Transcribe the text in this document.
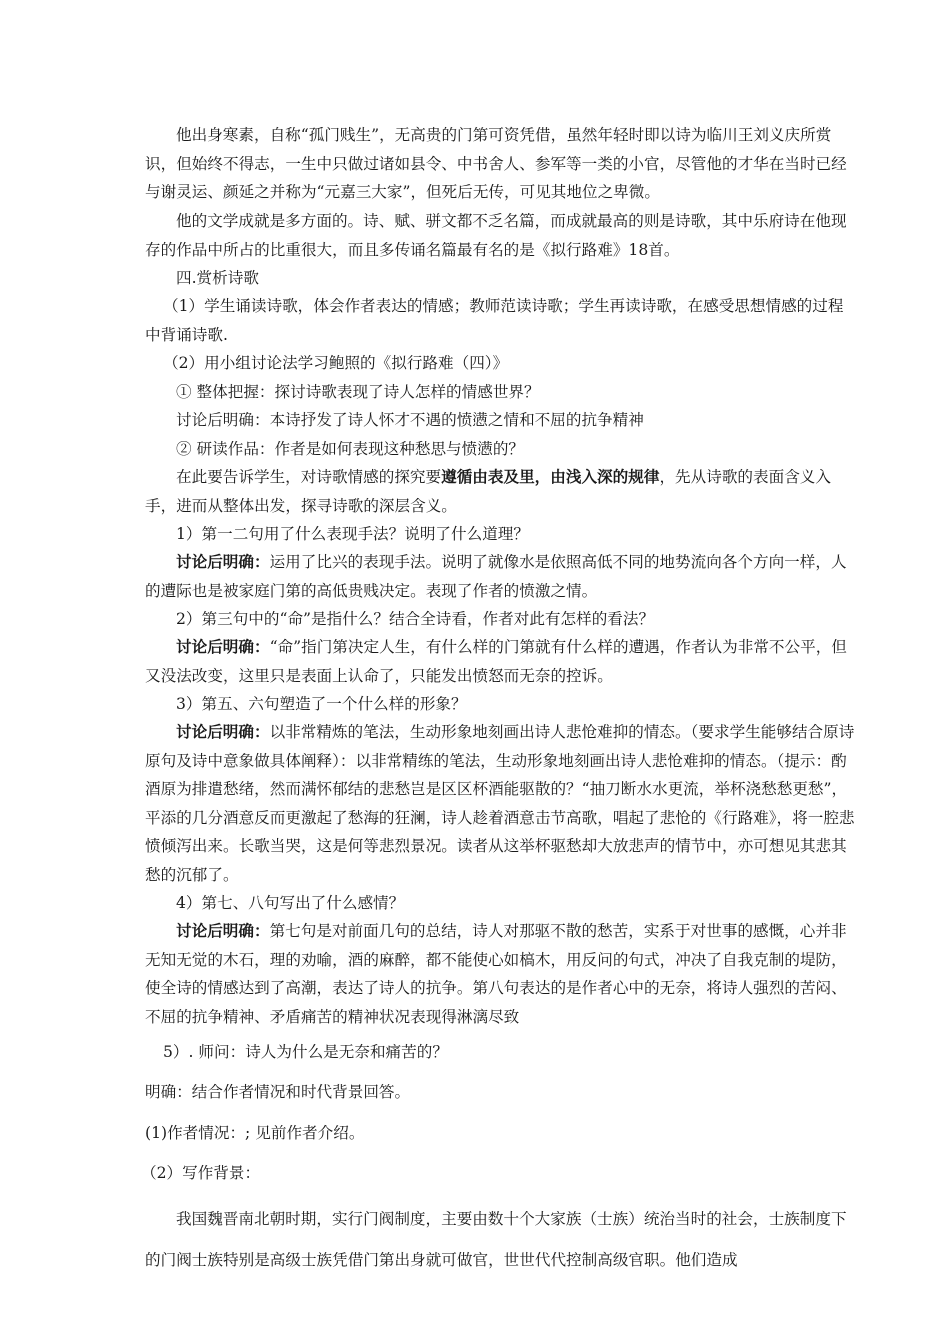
他出身寒素，自称“孤门贱生”，无高贵的门第可资凭借，虽然年轻时即以诗为临川王刘义庆所赏识，但始终不得志，一生中只做过诸如县令、中书舍人、参军等一类的小官，尽管他的才华在当时已经与谢灵运、颜延之并称为“元嘉三大家”，但死后无传，可见其地位之卑微。

他的文学成就是多方面的。诗、赋、骈文都不乏名篇，而成就最高的则是诗歌，其中乐府诗在他现存的作品中所占的比重很大，而且多传诵名篇最有名的是《拟行路难》18首。

四.赏析诗歌

（1）学生诵读诗歌，体会作者表达的情感；教师范读诗歌；学生再读诗歌，在感受思想情感的过程中背诵诗歌.

（2）用小组讨论法学习鲍照的《拟行路难（四）》

① 整体把握：探讨诗歌表现了诗人怎样的情感世界？

讨论后明确：本诗抒发了诗人怀才不遇的愤懑之情和不屈的抗争精神

② 研读作品：作者是如何表现这种愁思与愤懑的？

在此要告诉学生，对诗歌情感的探究要遵循由表及里，由浅入深的规律，先从诗歌的表面含义入手，进而从整体出发，探寻诗歌的深层含义。

1）第一二句用了什么表现手法？说明了什么道理？

讨论后明确：运用了比兴的表现手法。说明了就像水是依照高低不同的地势流向各个方向一样，人的遭际也是被家庭门第的高低贵贱决定。表现了作者的愤激之情。

2）第三句中的“命”是指什么？结合全诗看，作者对此有怎样的看法？

讨论后明确：“命”指门第决定人生，有什么样的门第就有什么样的遭遇，作者认为非常不公平，但又没法改变，这里只是表面上认命了，只能发出愤怒而无奈的控诉。

3）第五、六句塑造了一个什么样的形象？

讨论后明确：以非常精炼的笔法，生动形象地刻画出诗人悲怆难抑的情态。（要求学生能够结合原诗原句及诗中意象做具体阐释）：以非常精练的笔法，生动形象地刻画出诗人悲怆难抑的情态。（提示：酌酒原为排遣愁绪，然而满怀郁结的悲愁岂是区区杯酒能驱散的？“抽刀断水水更流，举杯浇愁愁更愁”，平添的几分酒意反而更激起了愁海的狂澜，诗人趁着酒意击节高歌，唱起了悲怆的《行路难》，将一腔悲愤倾泻出来。长歌当哭，这是何等悲烈景况。读者从这举杯驱愁却大放悲声的情节中，亦可想见其悲其愁的沉郁了。

4）第七、八句写出了什么感情？

讨论后明确：第七句是对前面几句的总结，诗人对那驱不散的愁苦，实系于对世事的感慨，心并非无知无觉的木石，理的劝喻，酒的麻醉，都不能使心如槁木，用反问的句式，冲决了自我克制的堤防，使全诗的情感达到了高潮，表达了诗人的抗争。第八句表达的是作者心中的无奈，将诗人强烈的苦闷、不屈的抗争精神、矛盾痛苦的精神状况表现得淋漓尽致

5）. 师问：诗人为什么是无奈和痛苦的？

明确：结合作者情况和时代背景回答。

(1)作者情况：; 见前作者介绍。

（2）写作背景：

我国魏晋南北朝时期，实行门阀制度，主要由数十个大家族（士族）统治当时的社会，士族制度下的门阀士族特别是高级士族凭借门第出身就可做官，世世代代控制高级官职。他们造成
